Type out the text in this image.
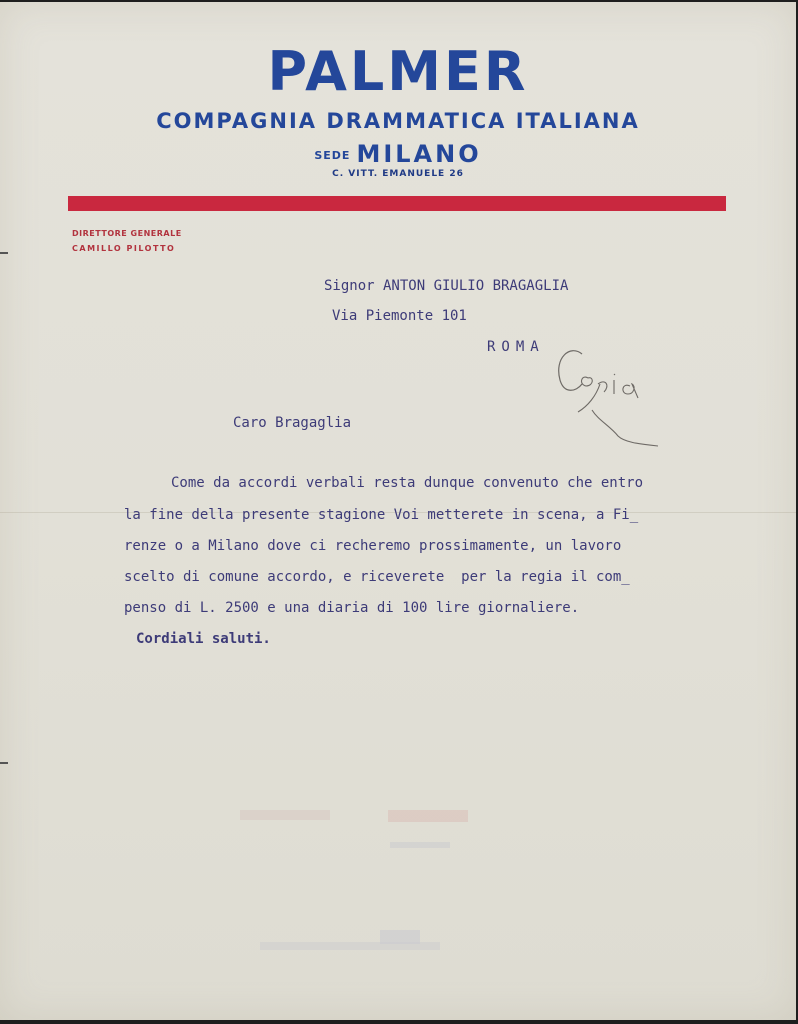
PALMER
COMPAGNIA DRAMMATICA ITALIANA
SEDE MILANO
C. VITT. EMANUELE 26
DIRETTORE GENERALE
CAMILLO PILOTTO
Signor ANTON GIULIO BRAGAGLIA
Via Piemonte 101
ROMA
Caro Bragaglia
Come da accordi verbali resta dunque convenuto che entro
la fine della presente stagione Voi metterete in scena, a Fi_
renze o a Milano dove ci recheremo prossimamente, un lavoro
scelto di comune accordo, e riceverete  per la regia il com_
penso di L. 2500 e una diaria di 100 lire giornaliere.
Cordiali saluti.
